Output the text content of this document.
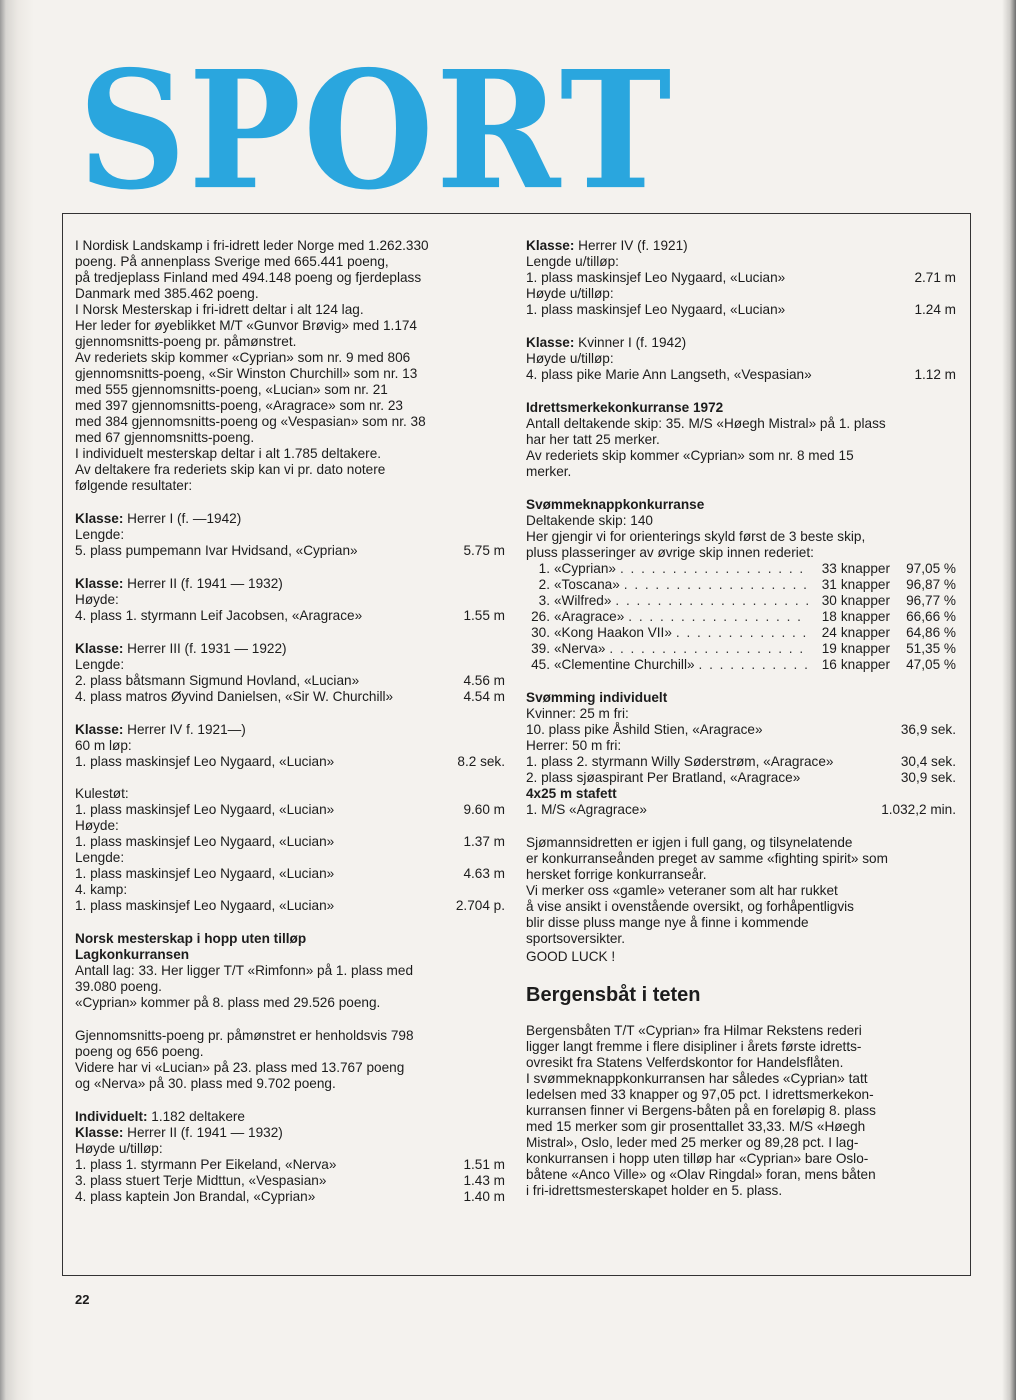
SPORT

I Nordisk Landskamp i fri-idrett leder Norge med 1.262.330

poeng. På annenplass Sverige med 665.441 poeng,

på tredjeplass Finland med 494.148 poeng og fjerdeplass

Danmark med 385.462 poeng.

I Norsk Mesterskap i fri-idrett deltar i alt 124 lag.

Her leder for øyeblikket M/T «Gunvor Brøvig» med 1.174

gjennomsnitts-poeng pr. påmønstret.

Av rederiets skip kommer «Cyprian» som nr. 9 med 806

gjennomsnitts-poeng, «Sir Winston Churchill» som nr. 13

med 555 gjennomsnitts-poeng, «Lucian» som nr. 21

med 397 gjennomsnitts-poeng, «Aragrace» som nr. 23

med 384 gjennomsnitts-poeng og «Vespasian» som nr. 38

med 67 gjennomsnitts-poeng.

I individuelt mesterskap deltar i alt 1.785 deltakere.

Av deltakere fra rederiets skip kan vi pr. dato notere

følgende resultater:

Klasse: Herrer I (f. —1942)

Lengde:

5. plass pumpemann Ivar Hvidsand, «Cyprian»	5.75 m

Klasse: Herrer II (f. 1941 — 1932)

Høyde:

4. plass 1. styrmann Leif Jacobsen, «Aragrace»	1.55 m

Klasse: Herrer III (f. 1931 — 1922)

Lengde:

2. plass båtsmann Sigmund Hovland, «Lucian»	4.56 m
4. plass matros Øyvind Danielsen, «Sir W. Churchill»	4.54 m

Klasse: Herrer IV f. 1921—)

60 m løp:

1. plass maskinsjef Leo Nygaard, «Lucian»	8.2 sek.

Kulestøt:

1. plass maskinsjef Leo Nygaard, «Lucian»	9.60 m

Høyde:

1. plass maskinsjef Leo Nygaard, «Lucian»	1.37 m

Lengde:

1. plass maskinsjef Leo Nygaard, «Lucian»	4.63 m

4. kamp:

1. plass maskinsjef Leo Nygaard, «Lucian»	2.704 p.

Norsk mesterskap i hopp uten tilløp

Lagkonkurransen

Antall lag: 33. Her ligger T/T «Rimfonn» på 1. plass med

39.080 poeng.

«Cyprian» kommer på 8. plass med 29.526 poeng.

Gjennomsnitts-poeng pr. påmønstret er henholdsvis 798

poeng og 656 poeng.

Videre har vi «Lucian» på 23. plass med 13.767 poeng

og «Nerva» på 30. plass med 9.702 poeng.

Individuelt: 1.182 deltakere

Klasse: Herrer II (f. 1941 — 1932)

Høyde u/tilløp:

1. plass 1. styrmann Per Eikeland, «Nerva»	1.51 m
3. plass stuert Terje Midttun, «Vespasian»	1.43 m
4. plass kaptein Jon Brandal, «Cyprian»	1.40 m

Klasse: Herrer IV (f. 1921)

Lengde u/tilløp:

1. plass maskinsjef Leo Nygaard, «Lucian»	2.71 m

Høyde u/tilløp:

1. plass maskinsjef Leo Nygaard, «Lucian»	1.24 m

Klasse: Kvinner I (f. 1942)

Høyde u/tilløp:

4. plass pike Marie Ann Langseth, «Vespasian»	1.12 m

Idrettsmerkekonkurranse 1972

Antall deltakende skip: 35. M/S «Høegh Mistral» på 1. plass

har her tatt 25 merker.

Av rederiets skip kommer «Cyprian» som nr. 8 med 15

merker.

Svømmeknappkonkurranse

Deltakende skip: 140

Her gjengir vi for orienterings skyld først de 3 beste skip,

pluss plasseringer av øvrige skip innen rederiet:

1. «Cyprian» . . .	33 knapper	97,05 %
2. «Toscana» . . .	31 knapper	96,87 %
3. «Wilfred» . . .	30 knapper	96,77 %
26. «Aragrace» . . .	18 knapper	66,66 %
30. «Kong Haakon VII» . . .	24 knapper	64,86 %
39. «Nerva» . . .	19 knapper	51,35 %
45. «Clementine Churchill» . . .	16 knapper	47,05 %

Svømming individuelt

Kvinner: 25 m fri:

10. plass pike Åshild Stien, «Aragrace»	36,9 sek.

Herrer: 50 m fri:

1. plass 2. styrmann Willy Søderstrøm, «Aragrace»	30,4 sek.
2. plass sjøaspirant Per Bratland, «Aragrace»	30,9 sek.

4x25 m stafett

1. M/S «Agragrace»	1.032,2 min.

Sjømannsidretten er igjen i full gang, og tilsynelatende

er konkurranseånden preget av samme «fighting spirit» som

hersket forrige konkurranseår.

Vi merker oss «gamle» veteraner som alt har rukket

å vise ansikt i ovenstående oversikt, og forhåpentligvis

blir disse pluss mange nye å finne i kommende

sportsoversikter.

GOOD LUCK !

Bergensbåt i teten

Bergensbåten T/T «Cyprian» fra Hilmar Rekstens rederi

ligger langt fremme i flere disipliner i årets første idretts-

ovresikt fra Statens Velferdskontor for Handelsflåten.

I svømmeknappkonkurransen har således «Cyprian» tatt

ledelsen med 33 knapper og 97,05 pct. I idrettsmerkekon-

kurransen finner vi Bergens-båten på en foreløpig 8. plass

med 15 merker som gir prosenttallet 33,33. M/S «Høegh

Mistral», Oslo, leder med 25 merker og 89,28 pct. I lag-

konkurransen i hopp uten tilløp har «Cyprian» bare Oslo-

båtene «Anco Ville» og «Olav Ringdal» foran, mens båten

i fri-idrettsmesterskapet holder en 5. plass.

22
